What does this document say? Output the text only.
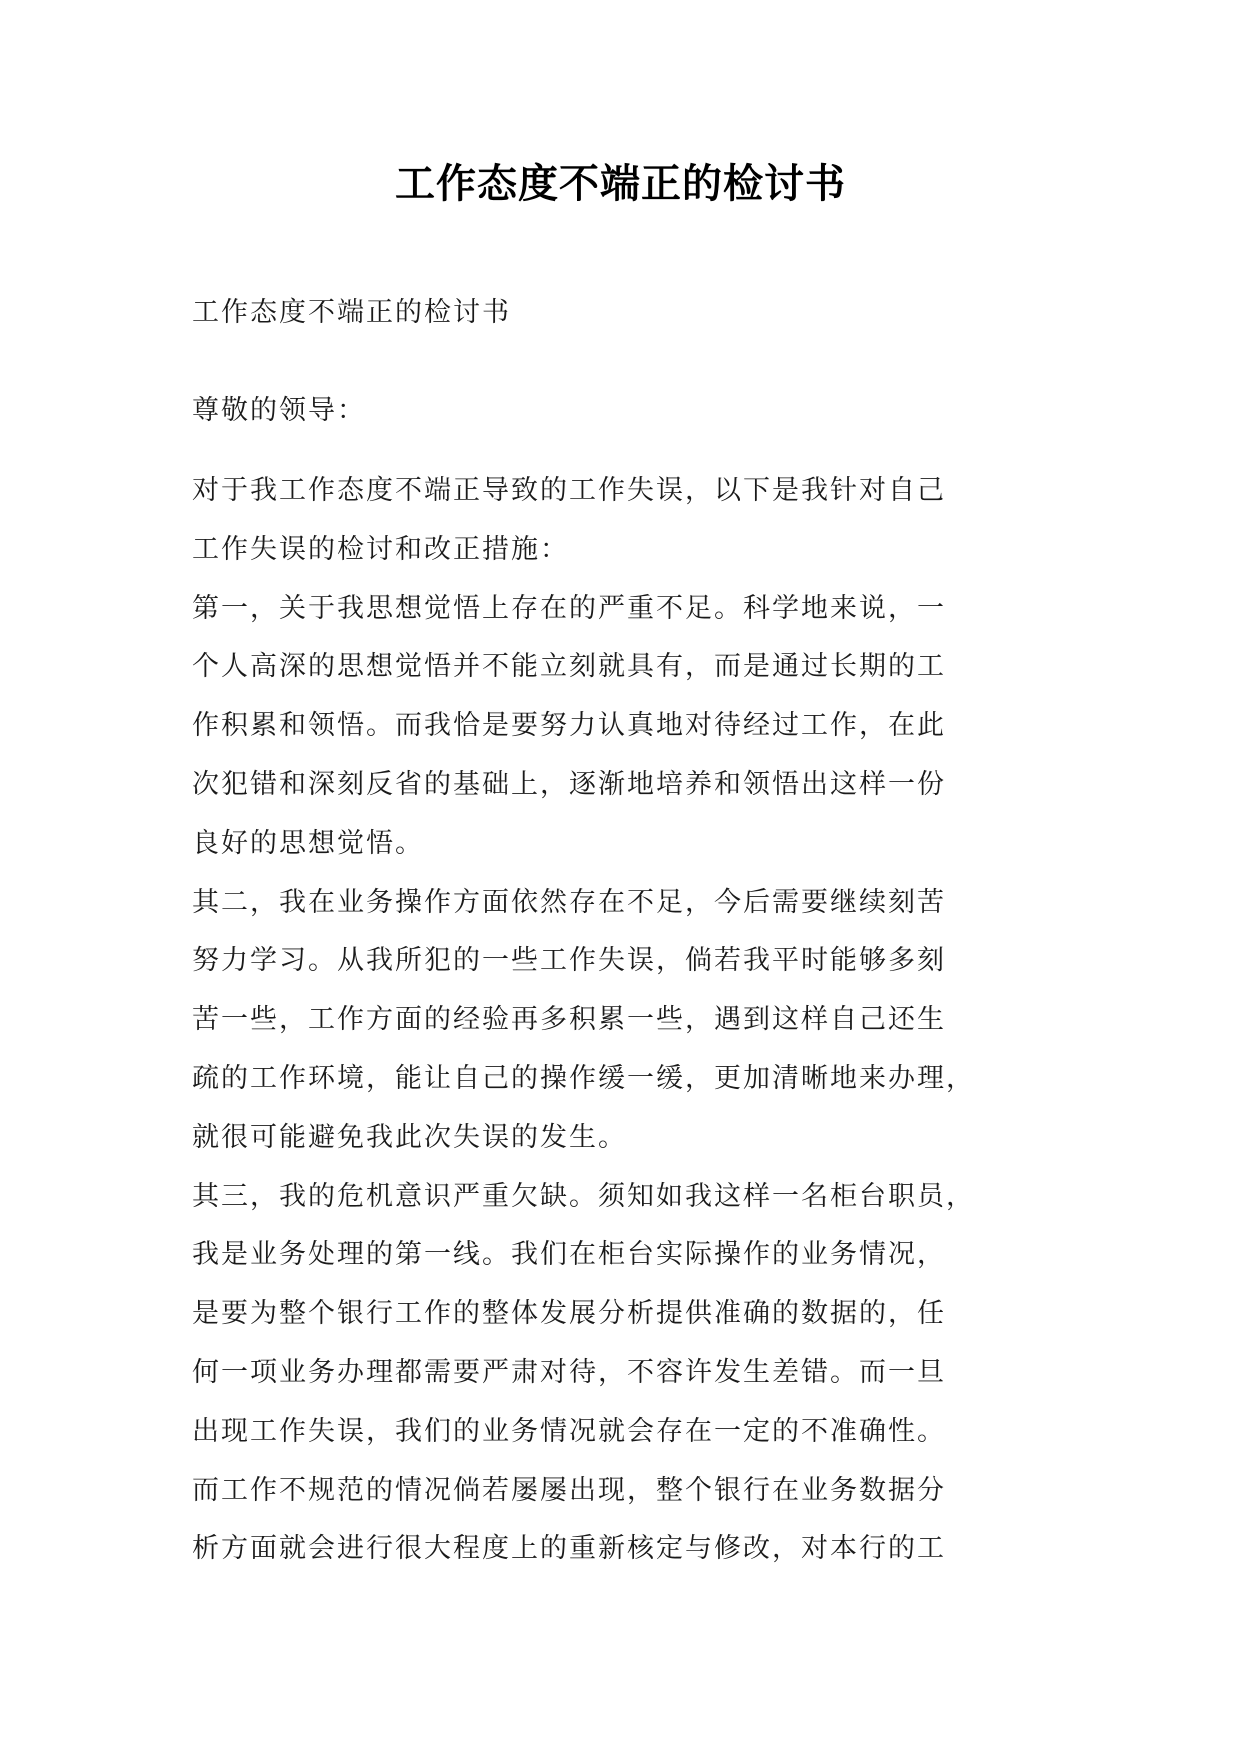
工作态度不端正的检讨书
工作态度不端正的检讨书
尊敬的领导：
对于我工作态度不端正导致的工作失误，以下是我针对自己
工作失误的检讨和改正措施：
第一，关于我思想觉悟上存在的严重不足。科学地来说，一
个人高深的思想觉悟并不能立刻就具有，而是通过长期的工
作积累和领悟。而我恰是要努力认真地对待经过工作，在此
次犯错和深刻反省的基础上，逐渐地培养和领悟出这样一份
良好的思想觉悟。
其二，我在业务操作方面依然存在不足，今后需要继续刻苦
努力学习。从我所犯的一些工作失误，倘若我平时能够多刻
苦一些，工作方面的经验再多积累一些，遇到这样自己还生
疏的工作环境，能让自己的操作缓一缓，更加清晰地来办理，
就很可能避免我此次失误的发生。
其三，我的危机意识严重欠缺。须知如我这样一名柜台职员，
我是业务处理的第一线。我们在柜台实际操作的业务情况，
是要为整个银行工作的整体发展分析提供准确的数据的，任
何一项业务办理都需要严肃对待，不容许发生差错。而一旦
出现工作失误，我们的业务情况就会存在一定的不准确性。
而工作不规范的情况倘若屡屡出现，整个银行在业务数据分
析方面就会进行很大程度上的重新核定与修改，对本行的工
